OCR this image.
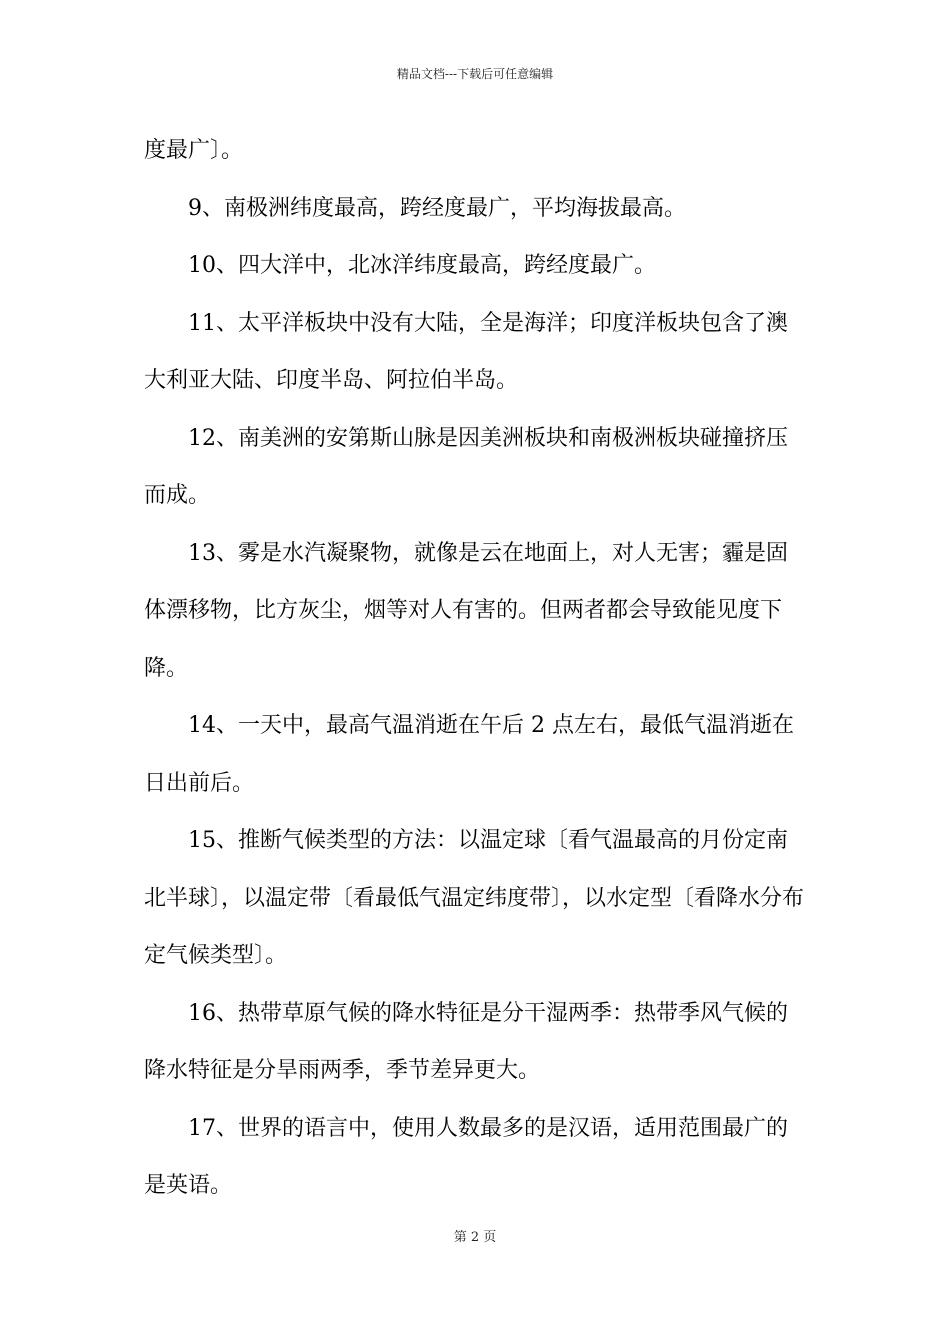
精品文档---下载后可任意编辑

度最广〕。

9、南极洲纬度最高，跨经度最广，平均海拔最高。

10、四大洋中，北冰洋纬度最高，跨经度最广。

11、太平洋板块中没有大陆，全是海洋；印度洋板块包含了澳大利亚大陆、印度半岛、阿拉伯半岛。

12、南美洲的安第斯山脉是因美洲板块和南极洲板块碰撞挤压而成。

13、雾是水汽凝聚物，就像是云在地面上，对人无害；霾是固体漂移物，比方灰尘，烟等对人有害的。但两者都会导致能见度下降。

14、一天中，最高气温消逝在午后 2 点左右，最低气温消逝在日出前后。

15、推断气候类型的方法：以温定球〔看气温最高的月份定南北半球〕，以温定带〔看最低气温定纬度带〕，以水定型〔看降水分布定气候类型〕。

16、热带草原气候的降水特征是分干湿两季：热带季风气候的降水特征是分旱雨两季，季节差异更大。

17、世界的语言中，使用人数最多的是汉语，适用范围最广的是英语。

第 2 页
